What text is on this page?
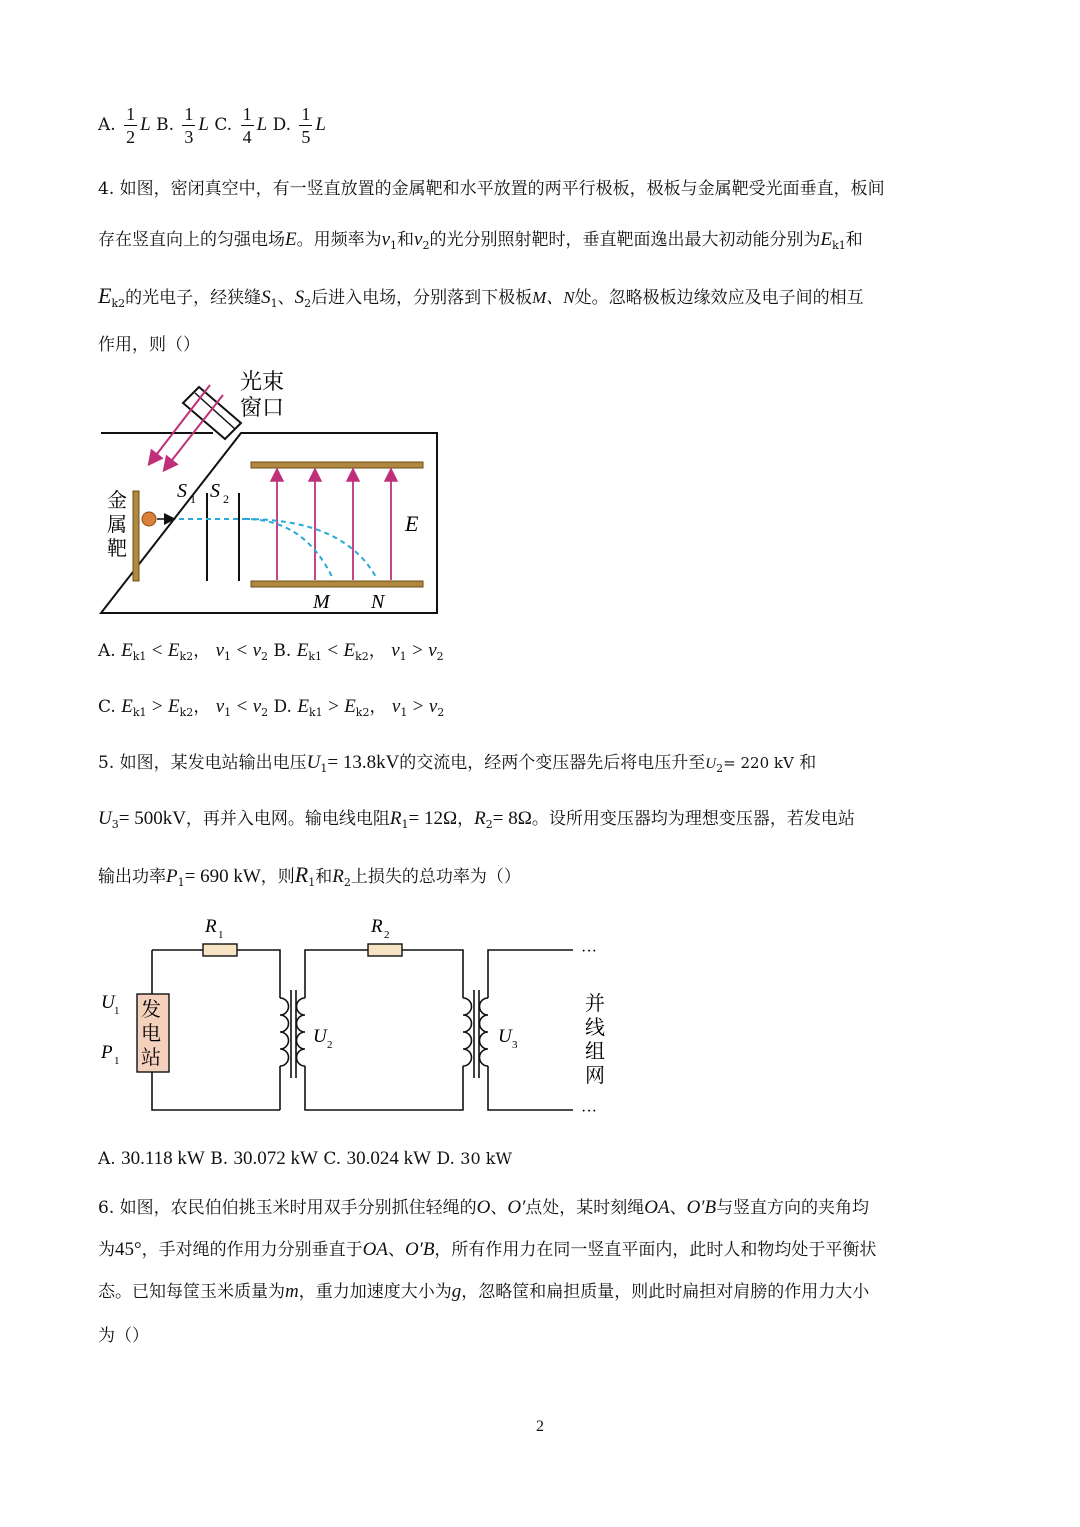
A. $\frac{1}{2}$ L B. $\frac{1}{3}$ L C. $\frac{1}{4}$ L D. $\frac{1}{5}$ L
4. 如图，密闭真空中，有一竖直放置的金属靶和水平放置的两平行极板，极板与金属靶受光面垂直，板间
存在竖直向上的匀强电场E。用频率为$\nu_1$和$\nu_2$的光分别照射靶时，垂直靶面逸出最大初动能分别为$E_{k1}$和
$E_{k2}$的光电子，经狭缝$S_1$、$S_2$后进入电场，分别落到下极板M、N处。忽略极板边缘效应及电子间的相互
作用，则（）
光束
窗口
金
属
靶
S 1 S 2
E
M N
A. $E_{k1} < E_{k2}$， $\nu_1 < \nu_2$ B. $E_{k1} < E_{k2}$， $\nu_1 > \nu_2$
C. $E_{k1} > E_{k2}$， $\nu_1 < \nu_2$ D. $E_{k1} > E_{k2}$， $\nu_1 > \nu_2$
5. 如图，某发电站输出电压$U_1= 13.8kV$的交流电，经两个变压器先后将电压升至$U_2= 220$ kV 和
$U_3= 500kV$，再并入电网。输电线电阻$R_1= 12\Omega$，$R_2= 8\Omega$。设所用变压器均为理想变压器，若发电站
输出功率$P_1= 690$ kW，则$R_1$和$R_2$上损失的总功率为（）
R 1
发
电
站
U 1
P 1
U 2
R 2
U 3
···
···
并
线
组
网
A. 30.118 kW B. 30.072 kW C. 30.024 kW D. 30 kW
6. 如图，农民伯伯挑玉米时用双手分别抓住轻绳的O、O′点处，某时刻绳OA、O′B与竖直方向的夹角均
为45°，手对绳的作用力分别垂直于OA、O′B，所有作用力在同一竖直平面内，此时人和物均处于平衡状
态。已知每筐玉米质量为m，重力加速度大小为g，忽略筐和扁担质量，则此时扁担对肩膀的作用力大小
为（）
2
